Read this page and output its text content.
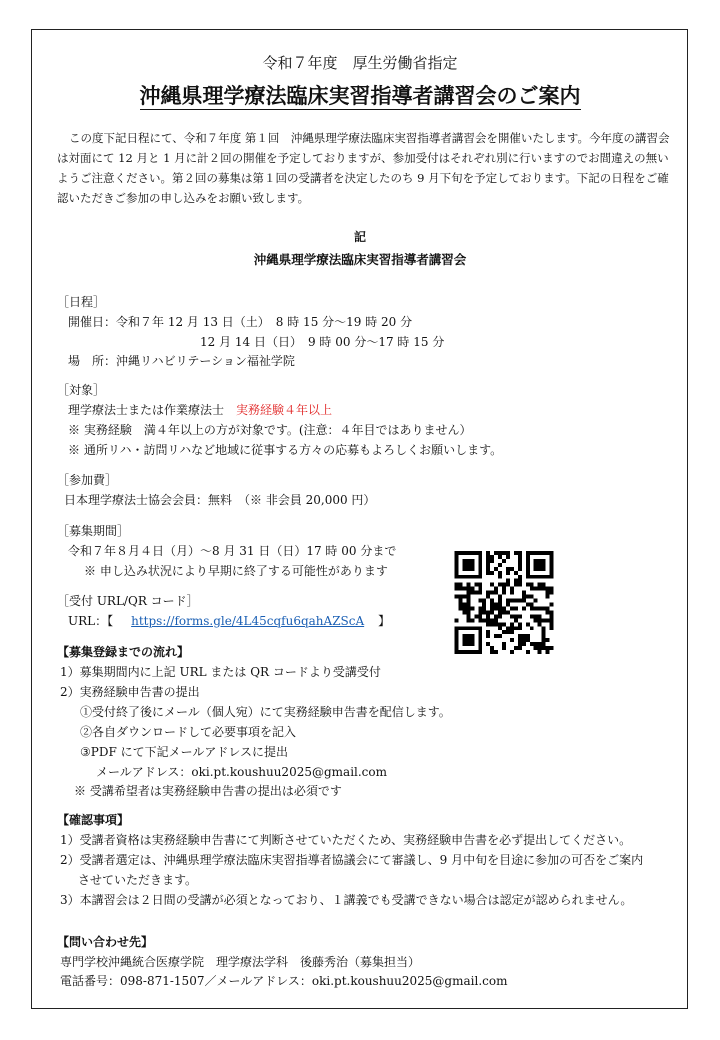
令和７年度　厚生労働省指定
沖縄県理学療法臨床実習指導者講習会のご案内
この度下記日程にて、令和７年度 第１回　沖縄県理学療法臨床実習指導者講習会を開催いたします。今年度の講習会は対面にて 12 月と 1 月に計２回の開催を予定しておりますが、参加受付はそれぞれ別に行いますのでお間違えの無いようご注意ください。第２回の募集は第１回の受講者を決定したのち 9 月下旬を予定しております。下記の日程をご確認いただきご参加の申し込みをお願い致します。
記
沖縄県理学療法臨床実習指導者講習会
［日程］
開催日：令和７年 12 月 13 日（土）　8 時 15 分～19 時 20 分
12 月 14 日（日）　9 時 00 分～17 時 15 分
場　所：沖縄リハビリテーション福祉学院
［対象］
理学療法士または作業療法士　実務経験４年以上
※ 実務経験　満４年以上の方が対象です。(注意：４年目ではありません）
※ 通所リハ・訪問リハなど地域に従事する方々の応募もよろしくお願いします。
［参加費］
日本理学療法士協会会員：無料　（※ 非会員 20,000 円）
［募集期間］
令和７年８月４日（月）～8 月 31 日（日）17 時 00 分まで
※ 申し込み状況により早期に終了する可能性があります
［受付 URL/QR コード］
URL：【 https://forms.gle/4L45cqfu6qahAZScA 】
【募集登録までの流れ】
1）募集期間内に上記 URL または QR コードより受講受付
2）実務経験申告書の提出
①受付終了後にメール（個人宛）にて実務経験申告書を配信します。
②各自ダウンロードして必要事項を記入
③PDF にて下記メールアドレスに提出
メールアドレス：oki.pt.koushuu2025@gmail.com
※ 受講希望者は実務経験申告書の提出は必須です
【確認事項】
1）受講者資格は実務経験申告書にて判断させていただくため、実務経験申告書を必ず提出してください。
2）受講者選定は、沖縄県理学療法臨床実習指導者協議会にて審議し、9 月中旬を目途に参加の可否をご案内
させていただきます。
3）本講習会は２日間の受講が必須となっており、１講義でも受講できない場合は認定が認められません。
【問い合わせ先】
専門学校沖縄統合医療学院　理学療法学科　後藤秀治（募集担当）
電話番号：098-871-1507／メールアドレス：oki.pt.koushuu2025@gmail.com
